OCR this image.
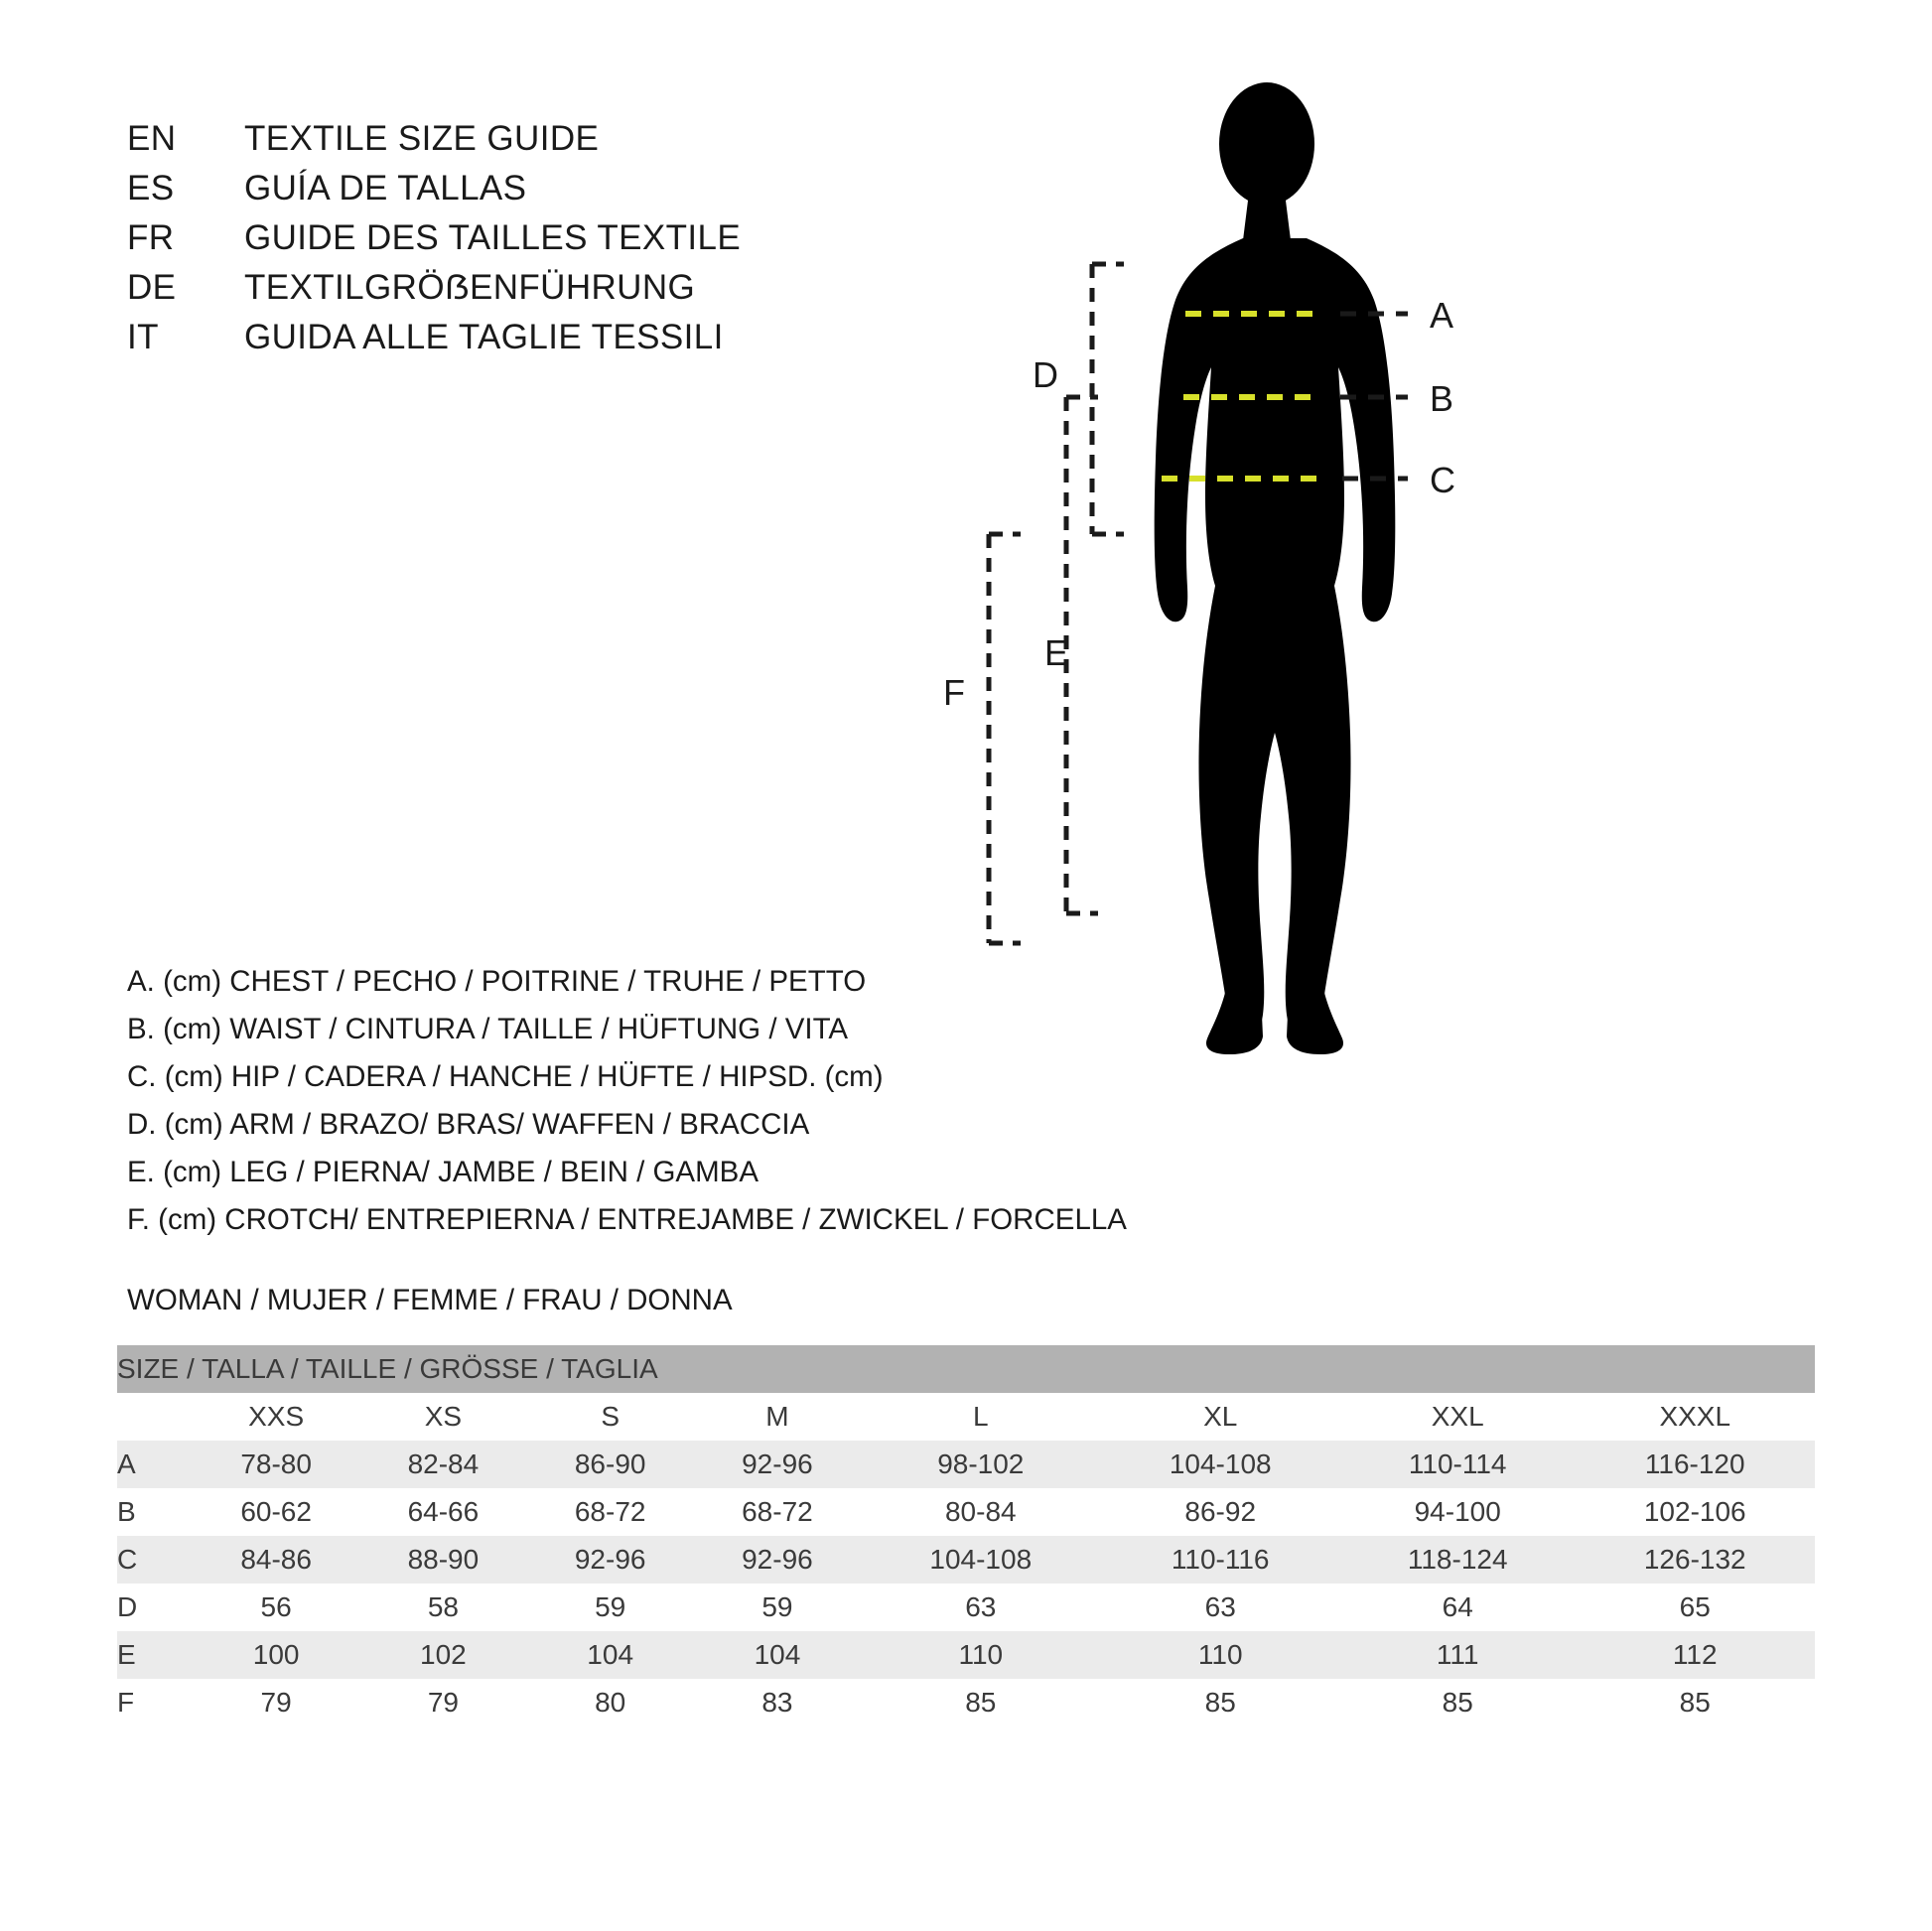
EN	TEXTILE SIZE GUIDE
ES	GUÍA DE TALLAS
FR	GUIDE DES TAILLES TEXTILE
DE	TEXTILGRÖẞENFÜHRUNG
IT	GUIDA ALLE TAGLIE TESSILI
A
B
C
D
E
F
A. (cm) CHEST / PECHO / POITRINE / TRUHE / PETTO
B. (cm) WAIST / CINTURA / TAILLE / HÜFTUNG / VITA
C. (cm) HIP / CADERA / HANCHE / HÜFTE / HIPSD. (cm)
D. (cm) ARM / BRAZO/ BRAS/ WAFFEN / BRACCIA
E. (cm) LEG / PIERNA/ JAMBE / BEIN / GAMBA
F. (cm) CROTCH/ ENTREPIERNA / ENTREJAMBE / ZWICKEL / FORCELLA
WOMAN / MUJER / FEMME / FRAU / DONNA
SIZE / TALLA / TAILLE / GRÖSSE / TAGLIA								
	XXS	XS	S	M	L	XL	XXL	XXXL
A	78-80	82-84	86-90	92-96	98-102	104-108	110-114	116-120
B	60-62	64-66	68-72	68-72	80-84	86-92	94-100	102-106
C	84-86	88-90	92-96	92-96	104-108	110-116	118-124	126-132
D	56	58	59	59	63	63	64	65
E	100	102	104	104	110	110	111	112
F	79	79	80	83	85	85	85	85
